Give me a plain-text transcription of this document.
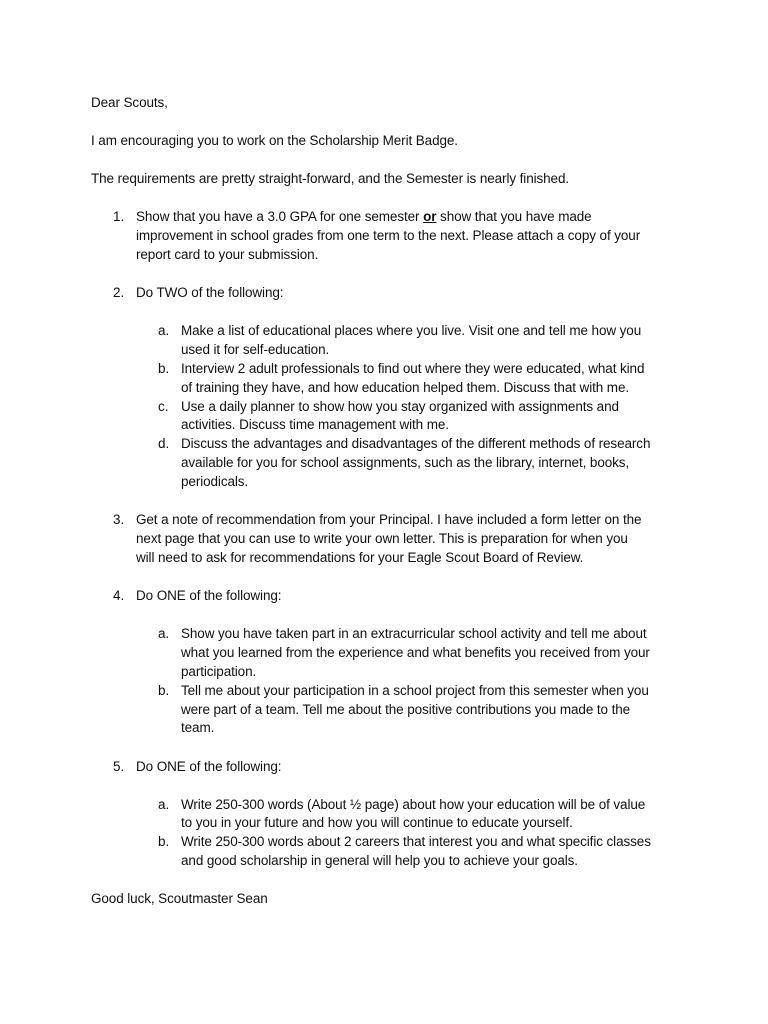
Dear Scouts,
I am encouraging you to work on the Scholarship Merit Badge.
The requirements are pretty straight-forward, and the Semester is nearly finished.
1. Show that you have a 3.0 GPA for one semester or show that you have made
improvement in school grades from one term to the next. Please attach a copy of your
report card to your submission.
2. Do TWO of the following:
a. Make a list of educational places where you live. Visit one and tell me how you
used it for self-education.
b. Interview 2 adult professionals to find out where they were educated, what kind
of training they have, and how education helped them. Discuss that with me.
c. Use a daily planner to show how you stay organized with assignments and
activities. Discuss time management with me.
d. Discuss the advantages and disadvantages of the different methods of research
available for you for school assignments, such as the library, internet, books,
periodicals.
3. Get a note of recommendation from your Principal. I have included a form letter on the
next page that you can use to write your own letter. This is preparation for when you
will need to ask for recommendations for your Eagle Scout Board of Review.
4. Do ONE of the following:
a. Show you have taken part in an extracurricular school activity and tell me about
what you learned from the experience and what benefits you received from your
participation.
b. Tell me about your participation in a school project from this semester when you
were part of a team. Tell me about the positive contributions you made to the
team.
5. Do ONE of the following:
a. Write 250-300 words (About ½ page) about how your education will be of value
to you in your future and how you will continue to educate yourself.
b. Write 250-300 words about 2 careers that interest you and what specific classes
and good scholarship in general will help you to achieve your goals.
Good luck, Scoutmaster Sean
